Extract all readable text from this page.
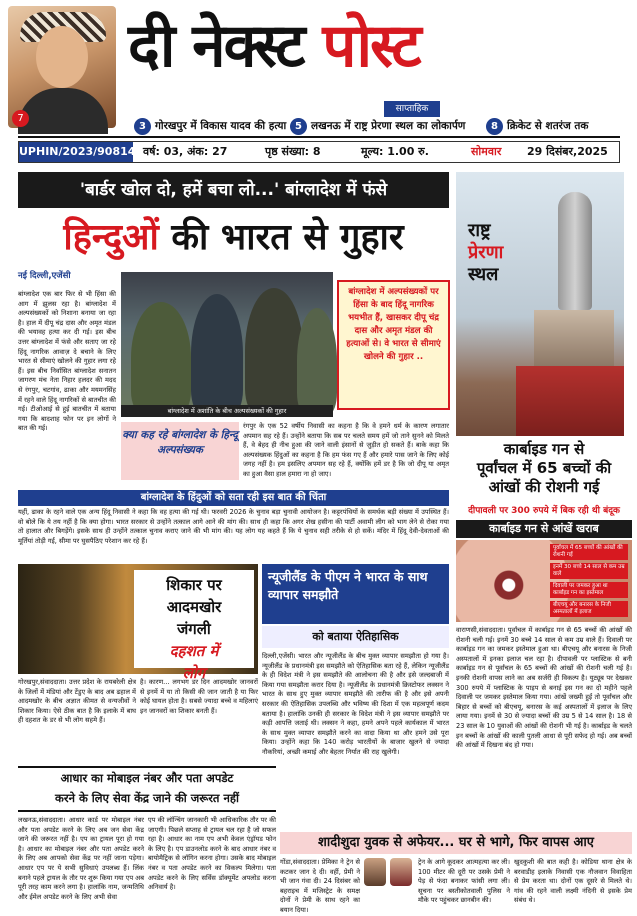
7
दी नेक्स्ट पोस्ट
साप्ताहिक
3 गोरखपुर में विकास यादव की हत्या 5 लखनऊ में राष्ट्र प्रेरणा स्थल का लोकार्पण	8 क्रिकेट से शतरंज तक
UPHIN/2023/90814 वर्ष: 03, अंक: 27	पृष्ठ संख्या: 8	मूल्य: 1.00 रु.	सोमवार 29 दिसंबर,2025
'बार्डर खोल दो, हमें बचा लो...' बांग्लादेश में फंसे
हिन्दुओं की भारत से गुहार
नई दिल्ली,एजेंसी
बांग्लादेश एक बार फिर से भी हिंसा की आग में झुलस रहा है। बांग्लादेश में अल्पसंख्यकों को निशाना बनाया जा रहा है। हाल में दीपू चंद्र दास और अमृत मंडल की भयावह हत्या कर दी गई। इस बीच उत्तर बांग्लादेश में फंसे और सताए जा रहे हिंदू नागरिक आवाज़ दे बचाने के लिए भारत से सीमाएं खोलने की गुहार लगा रहे हैं। इस बीच निर्वासित बांग्लादेश सनातन जागरण मंच नेता निहार हलदर की मदद से रंगपुर, चटगांव, ढाका और मयमनसिंह में रहने वाले हिंदू नागरिकों से बातचीत की गई। टीओआई से हुई बातचीत में बताया गया कि बादशाह फोन पर इन लोगों ने बात की गई।
बांग्लादेश में अशांति के बीच अल्पसंख्यकों की गुहार
बांग्लादेश में अल्पसंख्यकों पर हिंसा के बाद हिंदू नागरिक भयभीत हैं, खासकर दीपू चंद्र दास और अमृत मंडल की हत्याओं से। वे भारत से सीमाएं खोलने की गुहार ..
क्या कह रहे बांग्लादेश के हिन्दू अल्पसंख्यक
रंगपुर के एक 52 वर्षीय निवासी का कहना है कि वे हमने धर्म के कारण लगातार अपमान सह रहे हैं। उन्होंने बताया कि सब पर चलते समय हमें जो ताने सुनने को मिलते हैं, वे बेहद ही नीच हुआ की जाने वाली इंसानों से जुड़ीत हो सकते हैं। बाके कहा कि अल्पसंख्यक हिंदुओं का कहना है कि हम फंस गए हैं और हमारे पास जाने के लिए कोई जगह नहीं है। हम इसलिए अपमान सह रहे हैं, क्योंकि हमें डर है कि जो दीपू या अमृत का हुआ वैसा हाल हमारा ना हो जाए।
बांग्लादेश के हिंदुओं को सता रही इस बात की चिंता
यहीं, ढाका के रहने वाले एक अन्य हिंदू निवासी ने कहा कि वह हत्या की गई थी। फरवरी 2026 के चुनाव बड़ा चुनावी आयोजन है। कट्टरपंथियों के समर्थक बड़ी संख्या में उपस्थित हैं। वो बोले कि ये तय नहीं है कि क्या होगा। भारत सरकार से उन्होंने तत्काल आगे आने की मांग की। साथ ही कहा कि अगर शेख हसीना की पार्टी अवामी लीग को भाग लेने से रोका गया तो हालात और बिगड़ेंगे। इसके साथ ही उन्होंने तत्काल चुनाव कराए जाने की भी मांग की। यह लोग यह कहते हैं कि ये चुनाव सही तरीके से हो सकें। मंदिर में हिंदू देवी-देवताओं की मूर्तियां तोड़ी गईं, सीमा पर घुसपैठिए परेशान कर रहे हैं।
राष्ट्र
प्रेरणा
स्थल
कार्बाइड गन से
पूर्वांचल में 65 बच्चों की
आंखों की रोशनी गई
दीपावली पर 300 रुपये में बिक रही थी बंदूक
कार्बाइड गन से आंखें खराब
पूर्वांचल में 65 बच्चों की आंखों की रोशनी गई
इनमें 30 बच्चे 14 साल से कम उम्र वाले
दिवाली पर जमकर हुआ था कार्बाइड गन का इस्तेमाल
बीएचयू और बनारस के निजी अस्पतालों में इलाज
वाराणसी,संवाददाता। पूर्वांचल में कार्बाइड गन से 65 बच्चों की आंखों की रोशनी चली गई। इनमें 30 बच्चे 14 साल से कम उम्र वाले हैं। दिवाली पर कार्बाइड गन का जमकर इस्तेमाल हुआ था। बीएचयू और बनारस के निजी अस्पतालों में इनका इलाज चल रहा है। दीपावली पर प्लास्टिक से बनी कार्बाइड गन से पूर्वांचल के 65 बच्चों की आंखों की रोशनी चली गई है। इनकी रोशनी वापस लाने का अब सर्जरी ही विकल्प है। युट्यूब पर देखकर 300 रुपये में प्लास्टिक के पाइप से बनाई इस गन का दो महीने पहले दिवाली पर जमकर इस्तेमाल किया गया। आंखें जख्मी हुईं तो पूर्वांचल और बिहार से बच्चों को बीएचयू, बनारस के कई अस्पतालों में इलाज के लिए लाया गया। इनमें से 30 से ज्यादा बच्चों की उम्र 5 से 14 साल है। 18 से 23 साल के 10 युवाओं की आंखों की रोशनी भी गई है। कार्बाइड के चलते इन बच्चों के आंखों की काली पुतली आधा से पूरी सफेद हो गई। अब बच्चों की आंखों में दिखना बंद हो गया।
शिकार पर
आदमखोर
जंगली
दहशत में
लोग
गोरखपुर,संवाददाता। उत्तर प्रदेश के रायबरेली क्षेत्र के जिलों में मंडियां और टेंडुए के बाद अब ढहाल में आदमखोर के बीच अज्ञात कीमत से वन्यजीवों ने शिकार किया। ऐसे ठीक बात है कि इलाके में बाघ ही दहशत के डर से भी लोग सहमे हैं।
है। कारण... लगभग डर दिन आदमखोर जानवरों से इनमें में या तो किसी की जान जाती है या फिर कोई घायल होता है। सबसे ज्यादा बच्चे व महिलाएं इन जानवरों का शिकार बनती हैं।
न्यूजीलैंड के पीएम ने भारत के साथ व्यापार समझौते
को बताया ऐतिहासिक
दिल्ली,एजेंसी। भारत और न्यूजीलैंड के बीच मुक्त व्यापार समझौता हो गया है। न्यूजीलैंड के प्रधानमंत्री इस समझौते को ऐतिहासिक बता रहे हैं, लेकिन न्यूजीलैंड के ही विदेश मंत्री ने इस समझौते की आलोचना की है और इसे जल्दबाजी में किया गया समझौता करार दिया है। न्यूजीलैंड के प्रधानमंत्री क्रिस्टोफर लक्सन ने भारत के साथ हुए मुक्त व्यापार समझौते की तारीफ की है और इसे अपनी सरकार की ऐतिहासिक उपलब्धि और भविष्य की दिशा में एक महत्वपूर्ण कदम बताया है। हालांकि उनकी ही सरकार के विदेश मंत्री ने इस व्यापार समझौते पर कड़ी आपत्ति जताई थी। लक्सन ने कहा, हमने अपने पहले कार्यकाल में भारत के साथ मुक्त व्यापार समझौते करने का वादा किया था और हमने उसे पूरा किया। उन्होंने कहा कि 140 करोड़ भारतीयों के बाजार खुलने से ज्यादा नौकरियां, अच्छी कमाई और बेहतर निर्यात की राह खुलेगी।
आधार का मोबाइल नंबर और पता अपडेट
करने के लिए सेवा केंद्र जाने की जरूरत नहीं
लखनऊ,संवाददाता। आधार कार्ड पर मोबाइल नंबर और पता अपडेट करने के लिए अब जन सेवा केंद्र जाने की जरूरत नहीं है। एप का ट्रायल पूरा हो गया है। आधार का मोबाइल नंबर और पता अपडेट करने के लिए अब आपको सेवा केंद्र पर नहीं जाना पड़ेगा। आधार एप पर ये सभी सुविधाएं उपलब्ध हैं। लिंक बनाने पहले ट्रायल के तौर पर शुरू किया गया एप अब पूरी तरह काम करने लगा है। हालांकि नाम, जन्मतिथि और ईमेल अपडेट करने के लिए अभी सेवा
एप की लॉन्चिंग जानकारी भी आधिकारिक तौर पर की जाएगी। पिछले सप्ताह से ट्रायल चल रहा है जो सफल रहा है। आधार का नाम एप अभी केवल एंड्रॉयड फोन के लिए है। एप डाउनलोड करने के बाद आधार नंबर व बायोमैट्रिक से लॉगिन करना होगा। उसके बाद मोबाइल नंबर व पता अपडेट करने का विकल्प मिलेगा। पता अपडेट करने के लिए सर्विस डॉक्यूमेंट अपलोड करना अनिवार्य है।
शादीशुदा युवक से अफेयर... घर से भागे, फिर वापस आए
गोंडा,संवाददाता। प्रेमिका ने ट्रेन से कटकर जान दे दी। वहीं, प्रेमी ने भी जान गंवा दी। 24 दिसंबर को बहराइच में मजिस्ट्रेट के समक्ष दोनों ने प्रेमी के साथ रहने का बयान दिया।
ट्रेन के आगे कूदकर आत्महत्या कर ली। 100 मीटर की दूरी पर उसके प्रेमी ने पेड़ से फंदा बनाकर फांसी लगा ली। सूचना पर बस्तीकोतवाली पुलिस ने मौके पर पहुंचकर छानबीन की।
खुदकुशी की बात कही है। कोडिया थाना क्षेत्र के बरवाडीह इलाके निवासी एक नौजवान विवाहिता से प्रेम करता था। दोनों एक दूसरे से मिलते थे। गांव की रहने वाली लक्ष्मी नंदिनी से इसके प्रेम संबंध थे।
